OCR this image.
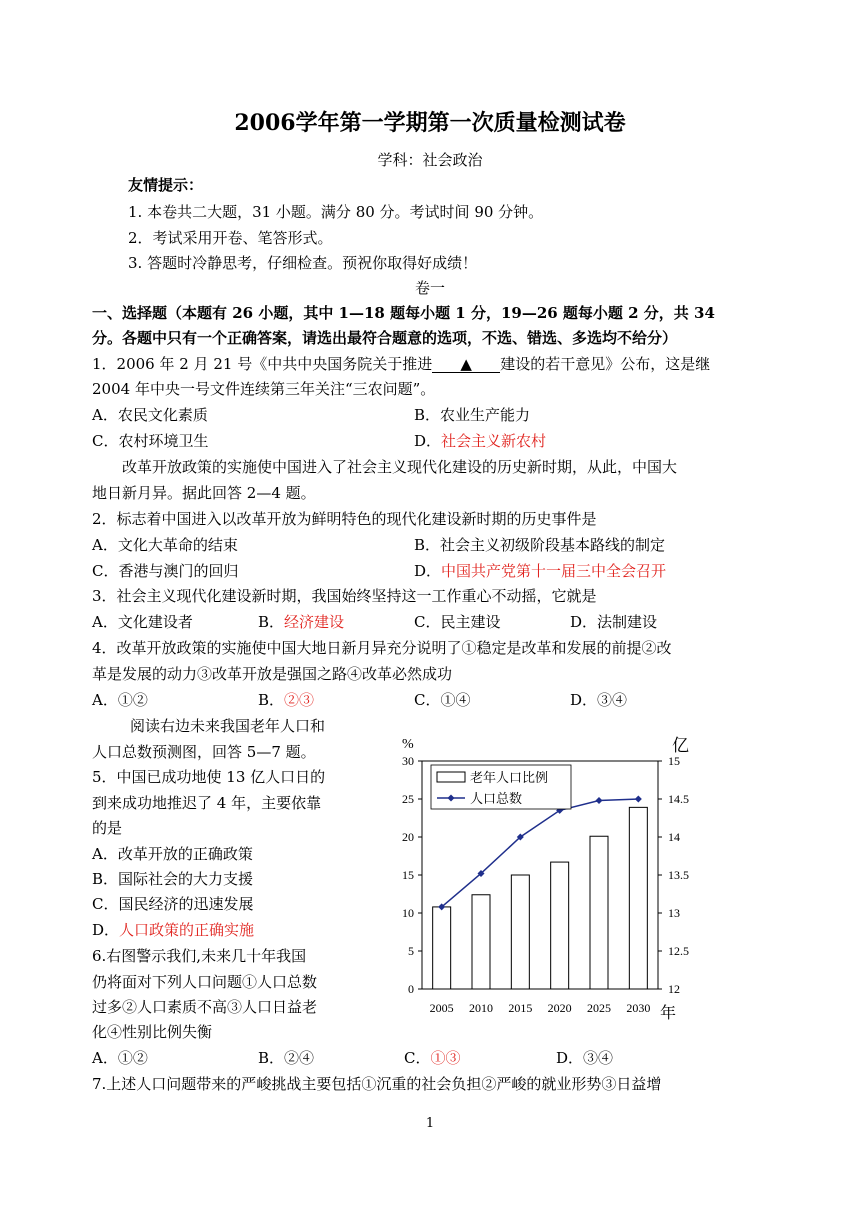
2006学年第一学期第一次质量检测试卷
学科：社会政治
友情提示：
1. 本卷共二大题，31 小题。满分 80 分。考试时间 90 分钟。
2．考试采用开卷、笔答形式。
3. 答题时冷静思考，仔细检查。预祝你取得好成绩！
卷一
一、选择题（本题有 26 小题，其中 1—18 题每小题 1 分，19—26 题每小题 2 分，共 34
分。各题中只有一个正确答案，请选出最符合题意的选项，不选、错选、多选均不给分）
1．2006 年 2 月 21 号《中共中央国务院关于推进 ▲ 建设的若干意见》公布，这是继
2004 年中央一号文件连续第三年关注“三农问题”。
A．农民文化素质	B．农业生产能力
C．农村环境卫生	D．社会主义新农村
改革开放政策的实施使中国进入了社会主义现代化建设的历史新时期，从此，中国大
地日新月异。据此回答 2—4 题。
2．标志着中国进入以改革开放为鲜明特色的现代化建设新时期的历史事件是
A．文化大革命的结束	B．社会主义初级阶段基本路线的制定
C．香港与澳门的回归	D．中国共产党第十一届三中全会召开
3．社会主义现代化建设新时期，我国始终坚持这一工作重心不动摇，它就是
A．文化建设者	B．经济建设	C．民主建设	D．法制建设
4．改革开放政策的实施使中国大地日新月异充分说明了①稳定是改革和发展的前提②改
革是发展的动力③改革开放是强国之路④改革必然成功
A．①②	B．②③	C．①④	D．③④
阅读右边未来我国老年人口和
人口总数预测图，回答 5—7 题。
5．中国已成功地使 13 亿人口日的
到来成功地推迟了 4 年，主要依靠
的是
A．改革开放的正确政策
B．国际社会的大力支援
C．国民经济的迅速发展
D．人口政策的正确实施
6.右图警示我们,未来几十年我国
仍将面对下列人口问题①人口总数
过多②人口素质不高③人口日益老
化④性别比例失衡
A．①②	B．②④	C．①③	D．③④
7.上述人口问题带来的严峻挑战主要包括①沉重的社会负担②严峻的就业形势③日益增
1
0
5
10
15
20
25
30
12
12.5
13
13.5
14
14.5
15
%	亿
2005 2010 2015 2020 2025 2030 年
老年人口比例
人口总数
